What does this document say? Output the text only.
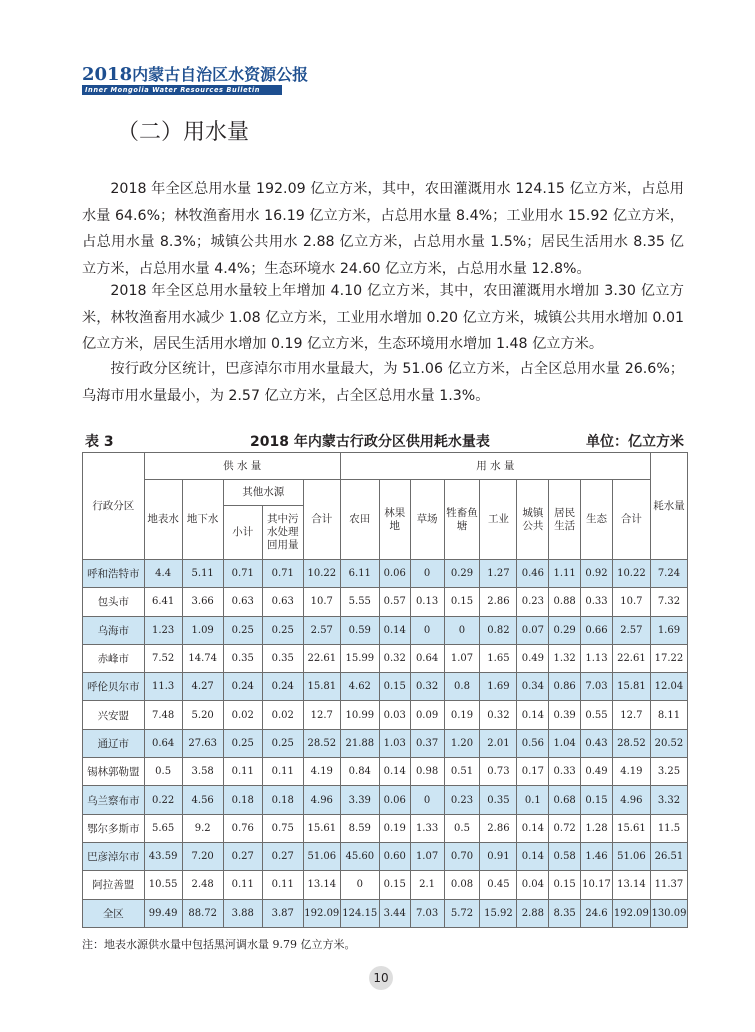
2018内蒙古自治区水资源公报
Inner Mongolia Water Resources Bulletin
（二）用水量

2018 年全区总用水量 192.09 亿立方米，其中，农田灌溉用水 124.15 亿立方米，占总用水量 64.6%；林牧渔畜用水 16.19 亿立方米，占总用水量 8.4%；工业用水 15.92 亿立方米，占总用水量 8.3%；城镇公共用水 2.88 亿立方米，占总用水量 1.5%；居民生活用水 8.35 亿立方米，占总用水量 4.4%；生态环境水 24.60 亿立方米，占总用水量 12.8%。

2018 年全区总用水量较上年增加 4.10 亿立方米，其中，农田灌溉用水增加 3.30 亿立方米，林牧渔畜用水减少 1.08 亿立方米，工业用水增加 0.20 亿立方米，城镇公共用水增加 0.01 亿立方米，居民生活用水增加 0.19 亿立方米，生态环境用水增加 1.48 亿立方米。

按行政分区统计，巴彦淖尔市用水量最大，为 51.06 亿立方米，占全区总用水量 26.6%；乌海市用水量最小，为 2.57 亿立方米，占全区总用水量 1.3%。

表 3	2018 年内蒙古行政分区供用耗水量表	单位：亿立方米
行政分区	供 水 量					用 水 量									耗水量
	地表水	地下水	其他水源		合计	农田	林果地	草场	牲畜鱼塘	工业	城镇公共	居民生活	生态	合计	
			小计	其中污水处理回用量											
呼和浩特市	4.4	5.11	0.71	0.71	10.22	6.11	0.06	0	0.29	1.27	0.46	1.11	0.92	10.22	7.24
包头市	6.41	3.66	0.63	0.63	10.7	5.55	0.57	0.13	0.15	2.86	0.23	0.88	0.33	10.7	7.32
乌海市	1.23	1.09	0.25	0.25	2.57	0.59	0.14	0	0	0.82	0.07	0.29	0.66	2.57	1.69
赤峰市	7.52	14.74	0.35	0.35	22.61	15.99	0.32	0.64	1.07	1.65	0.49	1.32	1.13	22.61	17.22
呼伦贝尔市	11.3	4.27	0.24	0.24	15.81	4.62	0.15	0.32	0.8	1.69	0.34	0.86	7.03	15.81	12.04
兴安盟	7.48	5.20	0.02	0.02	12.7	10.99	0.03	0.09	0.19	0.32	0.14	0.39	0.55	12.7	8.11
通辽市	0.64	27.63	0.25	0.25	28.52	21.88	1.03	0.37	1.20	2.01	0.56	1.04	0.43	28.52	20.52
锡林郭勒盟	0.5	3.58	0.11	0.11	4.19	0.84	0.14	0.98	0.51	0.73	0.17	0.33	0.49	4.19	3.25
乌兰察布市	0.22	4.56	0.18	0.18	4.96	3.39	0.06	0	0.23	0.35	0.1	0.68	0.15	4.96	3.32
鄂尔多斯市	5.65	9.2	0.76	0.75	15.61	8.59	0.19	1.33	0.5	2.86	0.14	0.72	1.28	15.61	11.5
巴彦淖尔市	43.59	7.20	0.27	0.27	51.06	45.60	0.60	1.07	0.70	0.91	0.14	0.58	1.46	51.06	26.51
阿拉善盟	10.55	2.48	0.11	0.11	13.14	0	0.15	2.1	0.08	0.45	0.04	0.15	10.17	13.14	11.37
全区	99.49	88.72	3.88	3.87	192.09	124.15	3.44	7.03	5.72	15.92	2.88	8.35	24.6	192.09	130.09
注：地表水源供水量中包括黑河调水量 9.79 亿立方米。
10
